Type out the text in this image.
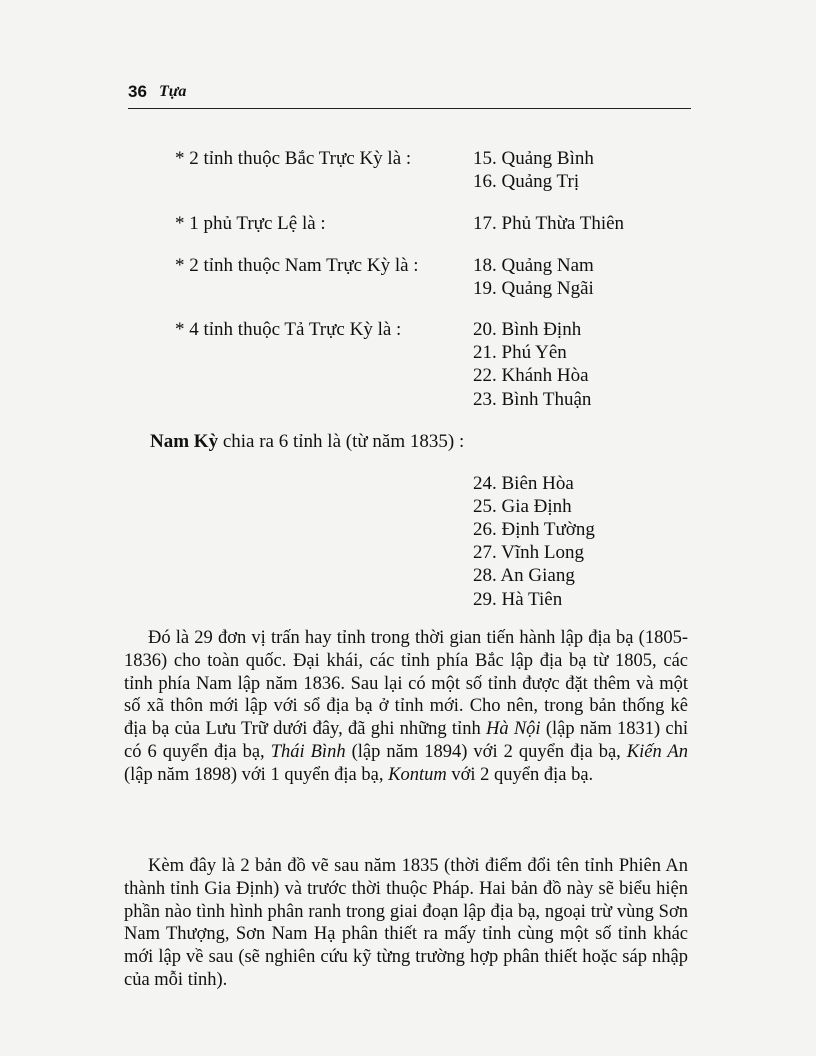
36 Tựa
* 2 tỉnh thuộc Bắc Trực Kỳ là :	15. Quảng Bình
16. Quảng Trị
* 1 phủ Trực Lệ là :	17. Phủ Thừa Thiên
* 2 tỉnh thuộc Nam Trực Kỳ là :	18. Quảng Nam
19. Quảng Ngãi
* 4 tỉnh thuộc Tả Trực Kỳ là :	20. Bình Định
21. Phú Yên
22. Khánh Hòa
23. Bình Thuận
Nam Kỳ chia ra 6 tỉnh là (từ năm 1835) :
24. Biên Hòa
25. Gia Định
26. Định Tường
27. Vĩnh Long
28. An Giang
29. Hà Tiên

Đó là 29 đơn vị trấn hay tỉnh trong thời gian tiến hành lập địa bạ (1805-1836) cho toàn quốc. Đại khái, các tỉnh phía Bắc lập địa bạ từ 1805, các tỉnh phía Nam lập năm 1836. Sau lại có một số tỉnh được đặt thêm và một số xã thôn mới lập với sổ địa bạ ở tỉnh mới. Cho nên, trong bản thống kê địa bạ của Lưu Trữ dưới đây, đã ghi những tỉnh Hà Nội (lập năm 1831) chỉ có 6 quyển địa bạ, Thái Bình (lập năm 1894) với 2 quyển địa bạ, Kiến An (lập năm 1898) với 1 quyển địa bạ, Kontum với 2 quyển địa bạ.

Kèm đây là 2 bản đồ vẽ sau năm 1835 (thời điểm đổi tên tỉnh Phiên An thành tỉnh Gia Định) và trước thời thuộc Pháp. Hai bản đồ này sẽ biểu hiện phần nào tình hình phân ranh trong giai đoạn lập địa bạ, ngoại trừ vùng Sơn Nam Thượng, Sơn Nam Hạ phân thiết ra mấy tỉnh cùng một số tỉnh khác mới lập về sau (sẽ nghiên cứu kỹ từng trường hợp phân thiết hoặc sáp nhập của mỗi tỉnh).
